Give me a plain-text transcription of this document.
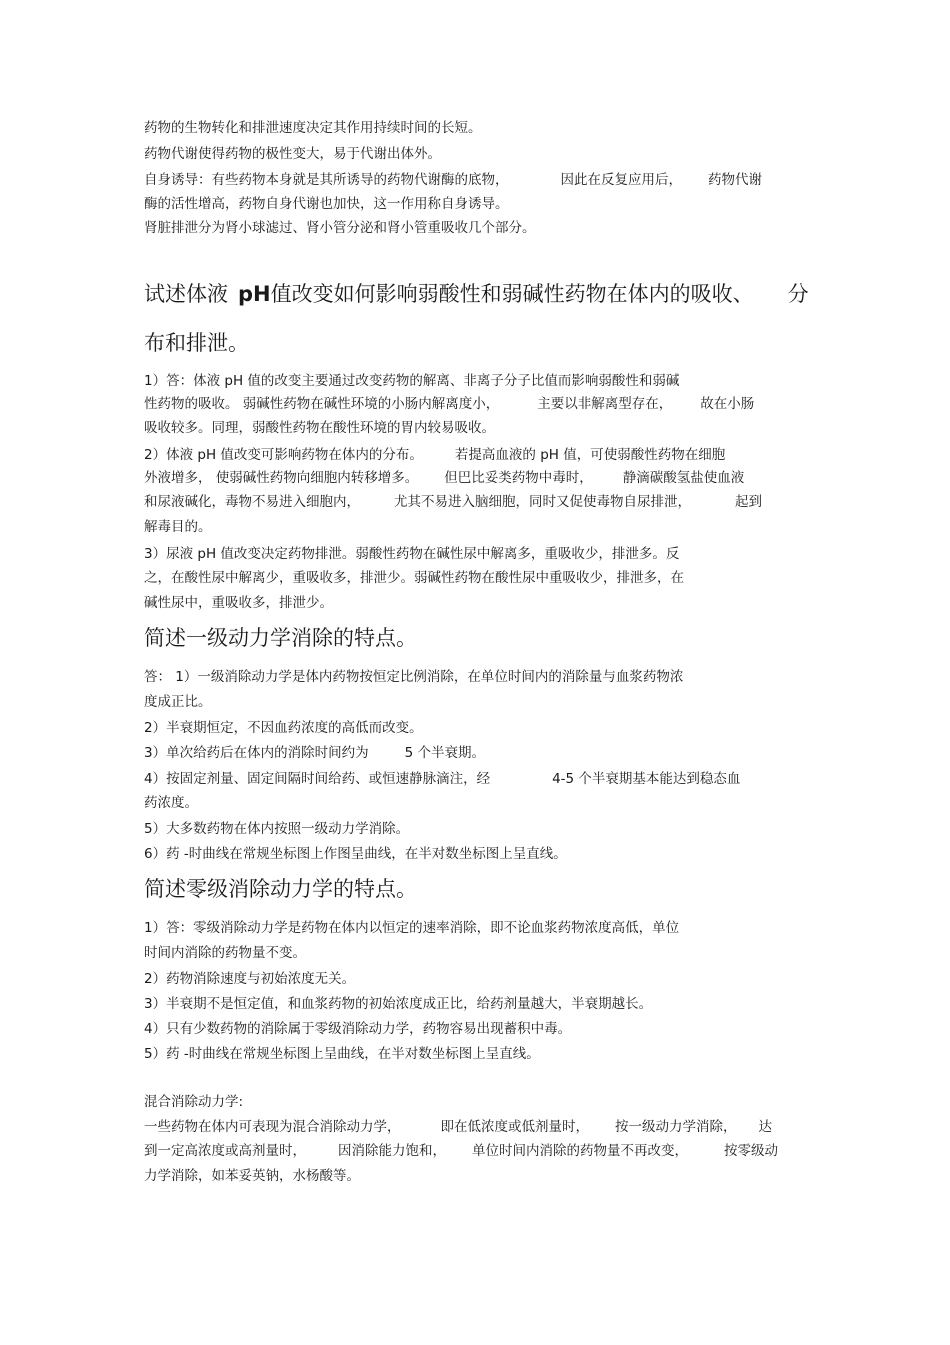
药物的生物转化和排泄速度决定其作用持续时间的长短。
药物代谢使得药物的极性变大，易于代谢出体外。
自身诱导：有些药物本身就是其所诱导的药物代谢酶的底物，	因此在反复应用后， 药物代谢
酶的活性增高，药物自身代谢也加快，这一作用称自身诱导。
肾脏排泄分为肾小球滤过、肾小管分泌和肾小管重吸收几个部分。
试述体液 pH值改变如何影响弱酸性和弱碱性药物在体内的吸收、 分
布和排泄。
1）答：体液 pH 值的改变主要通过改变药物的解离、非离子分子比值而影响弱酸性和弱碱
性药物的吸收。 弱碱性药物在碱性环境的小肠内解离度小，	主要以非解离型存在， 故在小肠
吸收较多。同理，弱酸性药物在酸性环境的胃内较易吸收。
2）体液 pH 值改变可影响药物在体内的分布。 若提高血液的 pH 值，可使弱酸性药物在细胞
外液增多， 使弱碱性药物向细胞内转移增多。 但巴比妥类药物中毒时， 静滴碳酸氢盐使血液
和尿液碱化，毒物不易进入细胞内，	尤其不易进入脑细胞，同时又促使毒物自尿排泄，	起到
解毒目的。
3）尿液 pH 值改变决定药物排泄。弱酸性药物在碱性尿中解离多，重吸收少，排泄多。反
之，在酸性尿中解离少，重吸收多，排泄少。弱碱性药物在酸性尿中重吸收少，排泄多，在
碱性尿中，重吸收多，排泄少。
简述一级动力学消除的特点。
答： 1）一级消除动力学是体内药物按恒定比例消除，在单位时间内的消除量与血浆药物浓
度成正比。
2）半衰期恒定，不因血药浓度的高低而改变。
3）单次给药后在体内的消除时间约为	5 个半衰期。
4）按固定剂量、固定间隔时间给药、或恒速静脉滴注，经	4-5 个半衰期基本能达到稳态血
药浓度。
5）大多数药物在体内按照一级动力学消除。
6）药 -时曲线在常规坐标图上作图呈曲线，在半对数坐标图上呈直线。
简述零级消除动力学的特点。
1）答：零级消除动力学是药物在体内以恒定的速率消除，即不论血浆药物浓度高低，单位
时间内消除的药物量不变。
2）药物消除速度与初始浓度无关。
3）半衰期不是恒定值，和血浆药物的初始浓度成正比，给药剂量越大，半衰期越长。
4）只有少数药物的消除属于零级消除动力学，药物容易出现蓄积中毒。
5）药 -时曲线在常规坐标图上呈曲线，在半对数坐标图上呈直线。
混合消除动力学:
一些药物在体内可表现为混合消除动力学，	即在低浓度或低剂量时， 按一级动力学消除， 达
到一定高浓度或高剂量时， 因消除能力饱和， 单位时间内消除的药物量不再改变，	按零级动
力学消除，如苯妥英钠，水杨酸等。
